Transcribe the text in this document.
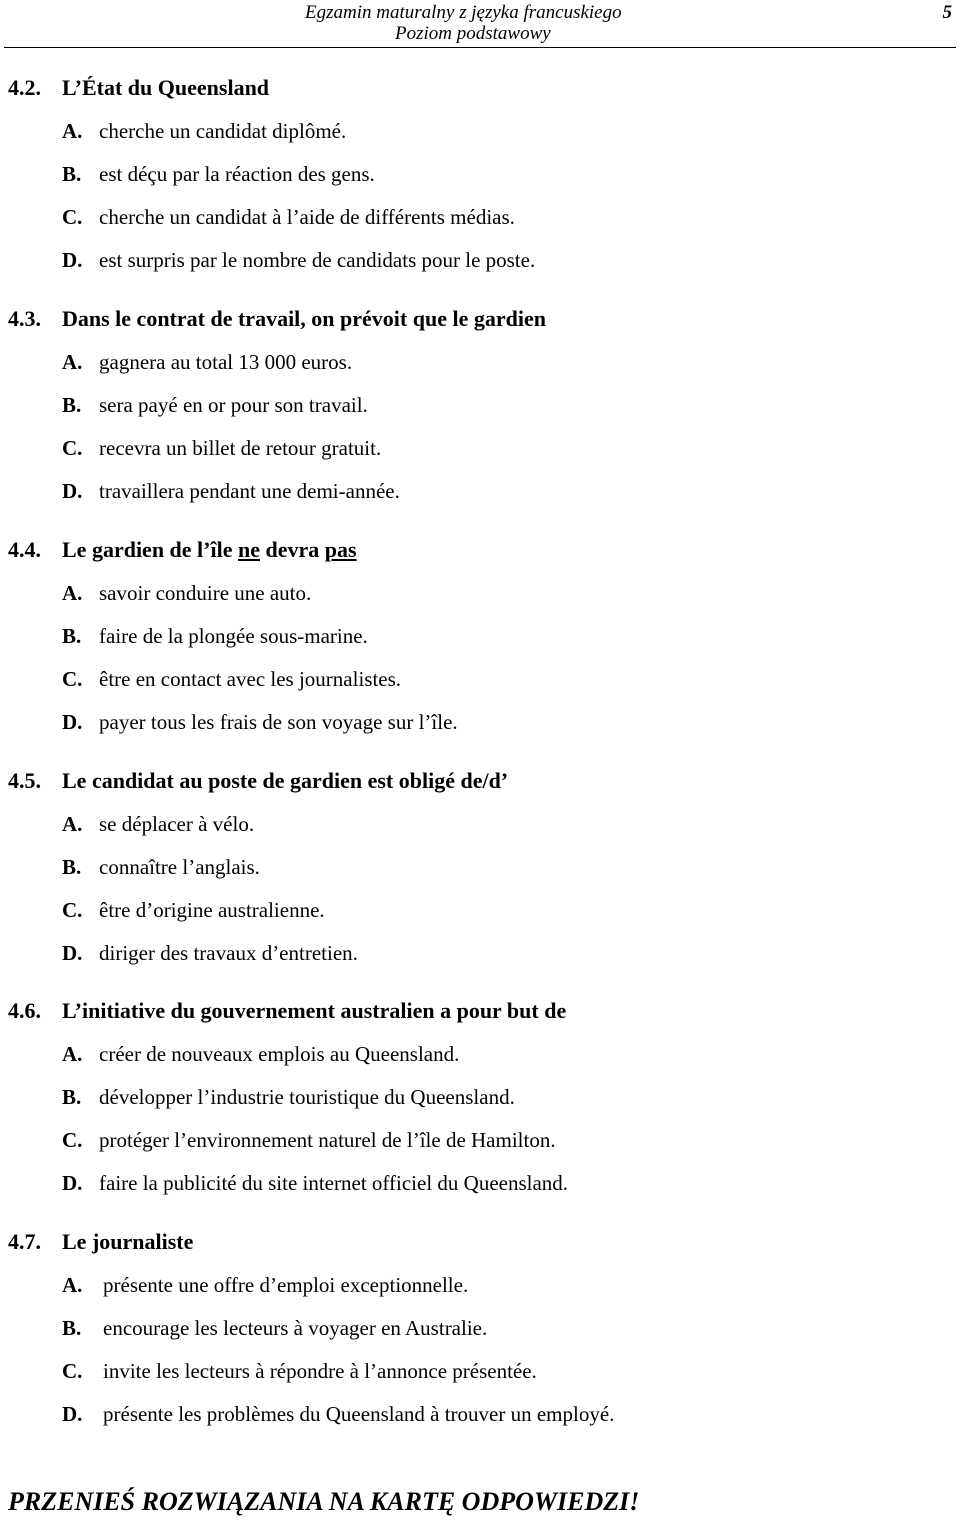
Egzamin maturalny z języka francuskiego
Poziom podstawowy
5
4.2. L’État du Queensland
A. cherche un candidat diplômé.
B. est déçu par la réaction des gens.
C. cherche un candidat à l’aide de différents médias.
D. est surpris par le nombre de candidats pour le poste.
4.3. Dans le contrat de travail, on prévoit que le gardien
A. gagnera au total 13 000 euros.
B. sera payé en or pour son travail.
C. recevra un billet de retour gratuit.
D. travaillera pendant une demi-année.
4.4. Le gardien de l’île ne devra pas
A. savoir conduire une auto.
B. faire de la plongée sous-marine.
C. être en contact avec les journalistes.
D. payer tous les frais de son voyage sur l’île.
4.5. Le candidat au poste de gardien est obligé de/d’
A. se déplacer à vélo.
B. connaître l’anglais.
C. être d’origine australienne.
D. diriger des travaux d’entretien.
4.6. L’initiative du gouvernement australien a pour but de
A. créer de nouveaux emplois au Queensland.
B. développer l’industrie touristique du Queensland.
C. protéger l’environnement naturel de l’île de Hamilton.
D. faire la publicité du site internet officiel du Queensland.
4.7. Le journaliste
A. présente une offre d’emploi exceptionnelle.
B. encourage les lecteurs à voyager en Australie.
C. invite les lecteurs à répondre à l’annonce présentée.
D. présente les problèmes du Queensland à trouver un employé.
PRZENIEŚ ROZWIĄZANIA NA KARTĘ ODPOWIEDZI!
